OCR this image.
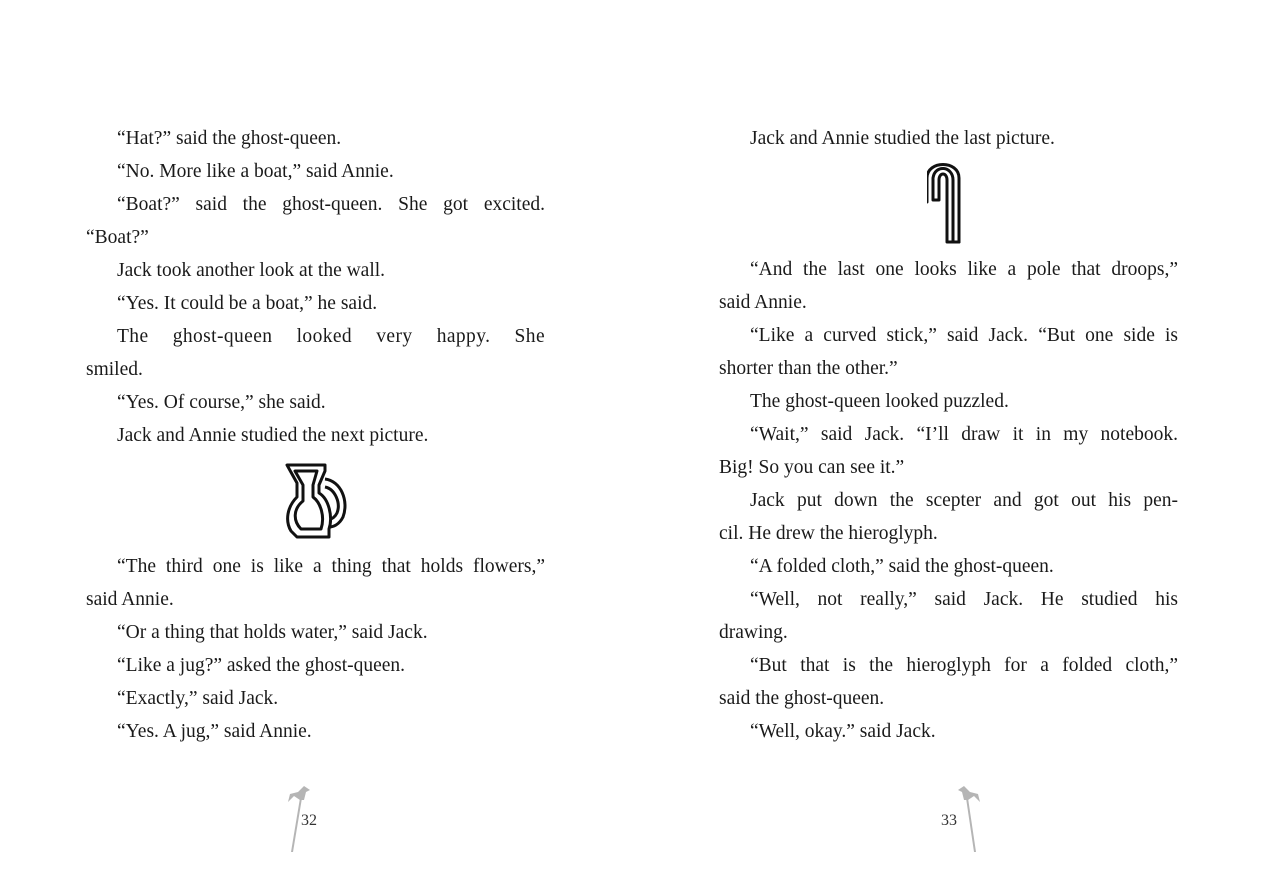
“Hat?” said the ghost-queen.
“No. More like a boat,” said Annie.
“Boat?” said the ghost-queen. She got excited.
“Boat?”
Jack took another look at the wall.
“Yes. It could be a boat,” he said.
The ghost-queen looked very happy. She
smiled.
“Yes. Of course,” she said.
Jack and Annie studied the next picture.
“The third one is like a thing that holds flowers,”
said Annie.
“Or a thing that holds water,” said Jack.
“Like a jug?” asked the ghost-queen.
“Exactly,” said Jack.
“Yes. A jug,” said Annie.
Jack and Annie studied the last picture.
“And the last one looks like a pole that droops,”
said Annie.
“Like a curved stick,” said Jack. “But one side is
shorter than the other.”
The ghost-queen looked puzzled.
“Wait,” said Jack. “I’ll draw it in my notebook.
Big! So you can see it.”
Jack put down the scepter and got out his pen-
cil. He drew the hieroglyph.
“A folded cloth,” said the ghost-queen.
“Well, not really,” said Jack. He studied his
drawing.
“But that is the hieroglyph for a folded cloth,”
said the ghost-queen.
“Well, okay.” said Jack.
32	33
